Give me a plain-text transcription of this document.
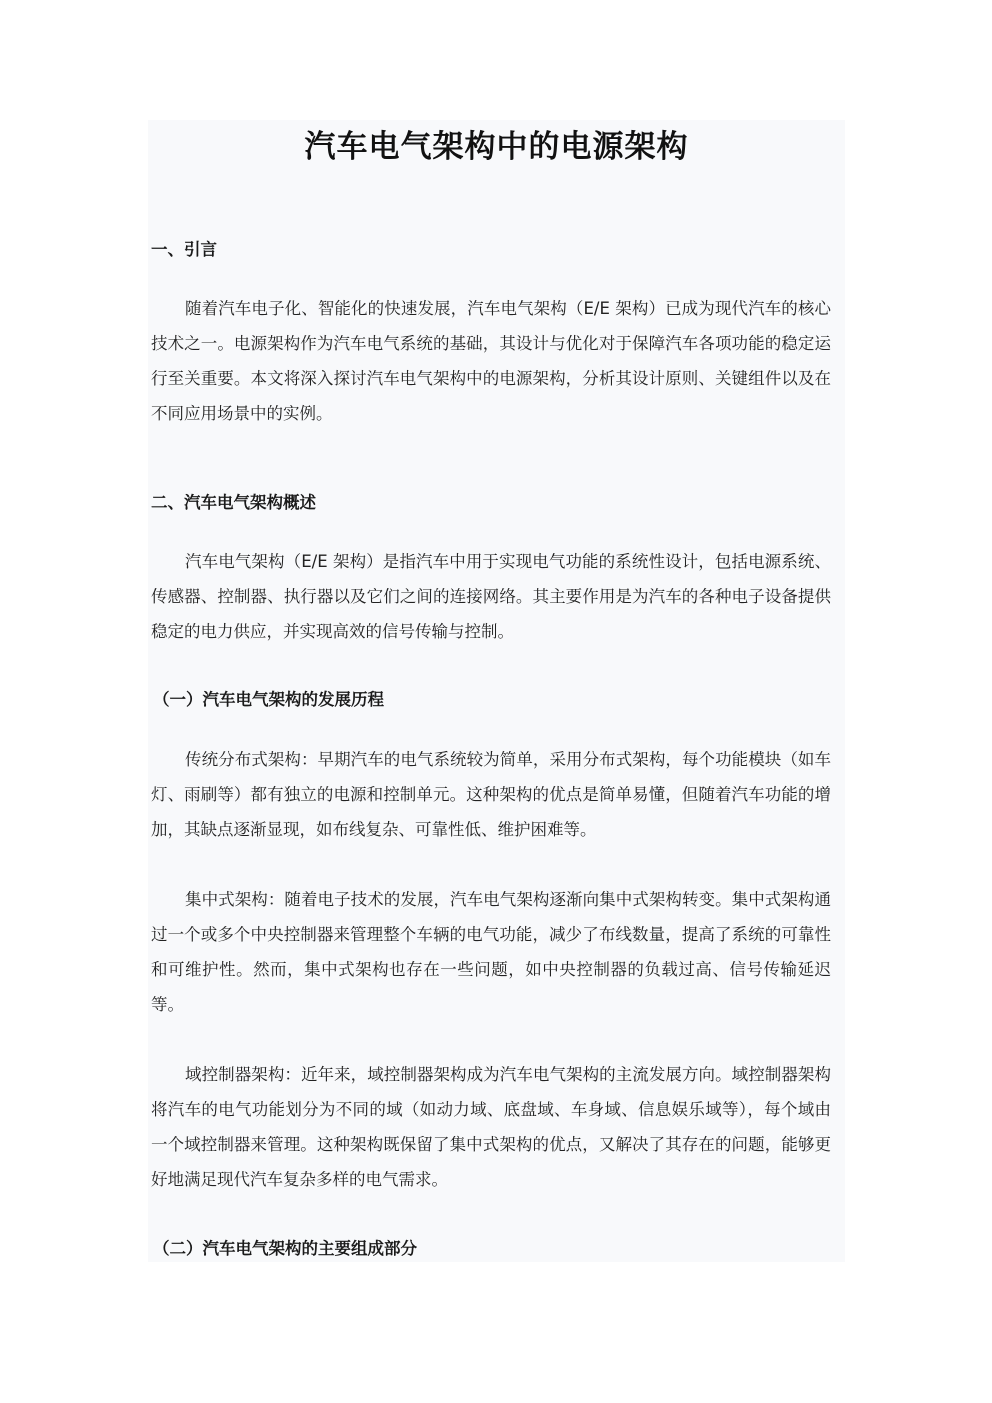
汽车电气架构中的电源架构
一、引言

随着汽车电子化、智能化的快速发展，汽车电气架构（E/E 架构）已成为现代汽车的核心技术之一。电源架构作为汽车电气系统的基础，其设计与优化对于保障汽车各项功能的稳定运行至关重要。本文将深入探讨汽车电气架构中的电源架构，分析其设计原则、关键组件以及在不同应用场景中的实例。

二、汽车电气架构概述

汽车电气架构（E/E 架构）是指汽车中用于实现电气功能的系统性设计，包括电源系统、传感器、控制器、执行器以及它们之间的连接网络。其主要作用是为汽车的各种电子设备提供稳定的电力供应，并实现高效的信号传输与控制。

（一）汽车电气架构的发展历程

传统分布式架构：早期汽车的电气系统较为简单，采用分布式架构，每个功能模块（如车灯、雨刷等）都有独立的电源和控制单元。这种架构的优点是简单易懂，但随着汽车功能的增加，其缺点逐渐显现，如布线复杂、可靠性低、维护困难等。

集中式架构：随着电子技术的发展，汽车电气架构逐渐向集中式架构转变。集中式架构通过一个或多个中央控制器来管理整个车辆的电气功能，减少了布线数量，提高了系统的可靠性和可维护性。然而，集中式架构也存在一些问题，如中央控制器的负载过高、信号传输延迟等。

域控制器架构：近年来，域控制器架构成为汽车电气架构的主流发展方向。域控制器架构将汽车的电气功能划分为不同的域（如动力域、底盘域、车身域、信息娱乐域等），每个域由一个域控制器来管理。这种架构既保留了集中式架构的优点，又解决了其存在的问题，能够更好地满足现代汽车复杂多样的电气需求。

（二）汽车电气架构的主要组成部分
